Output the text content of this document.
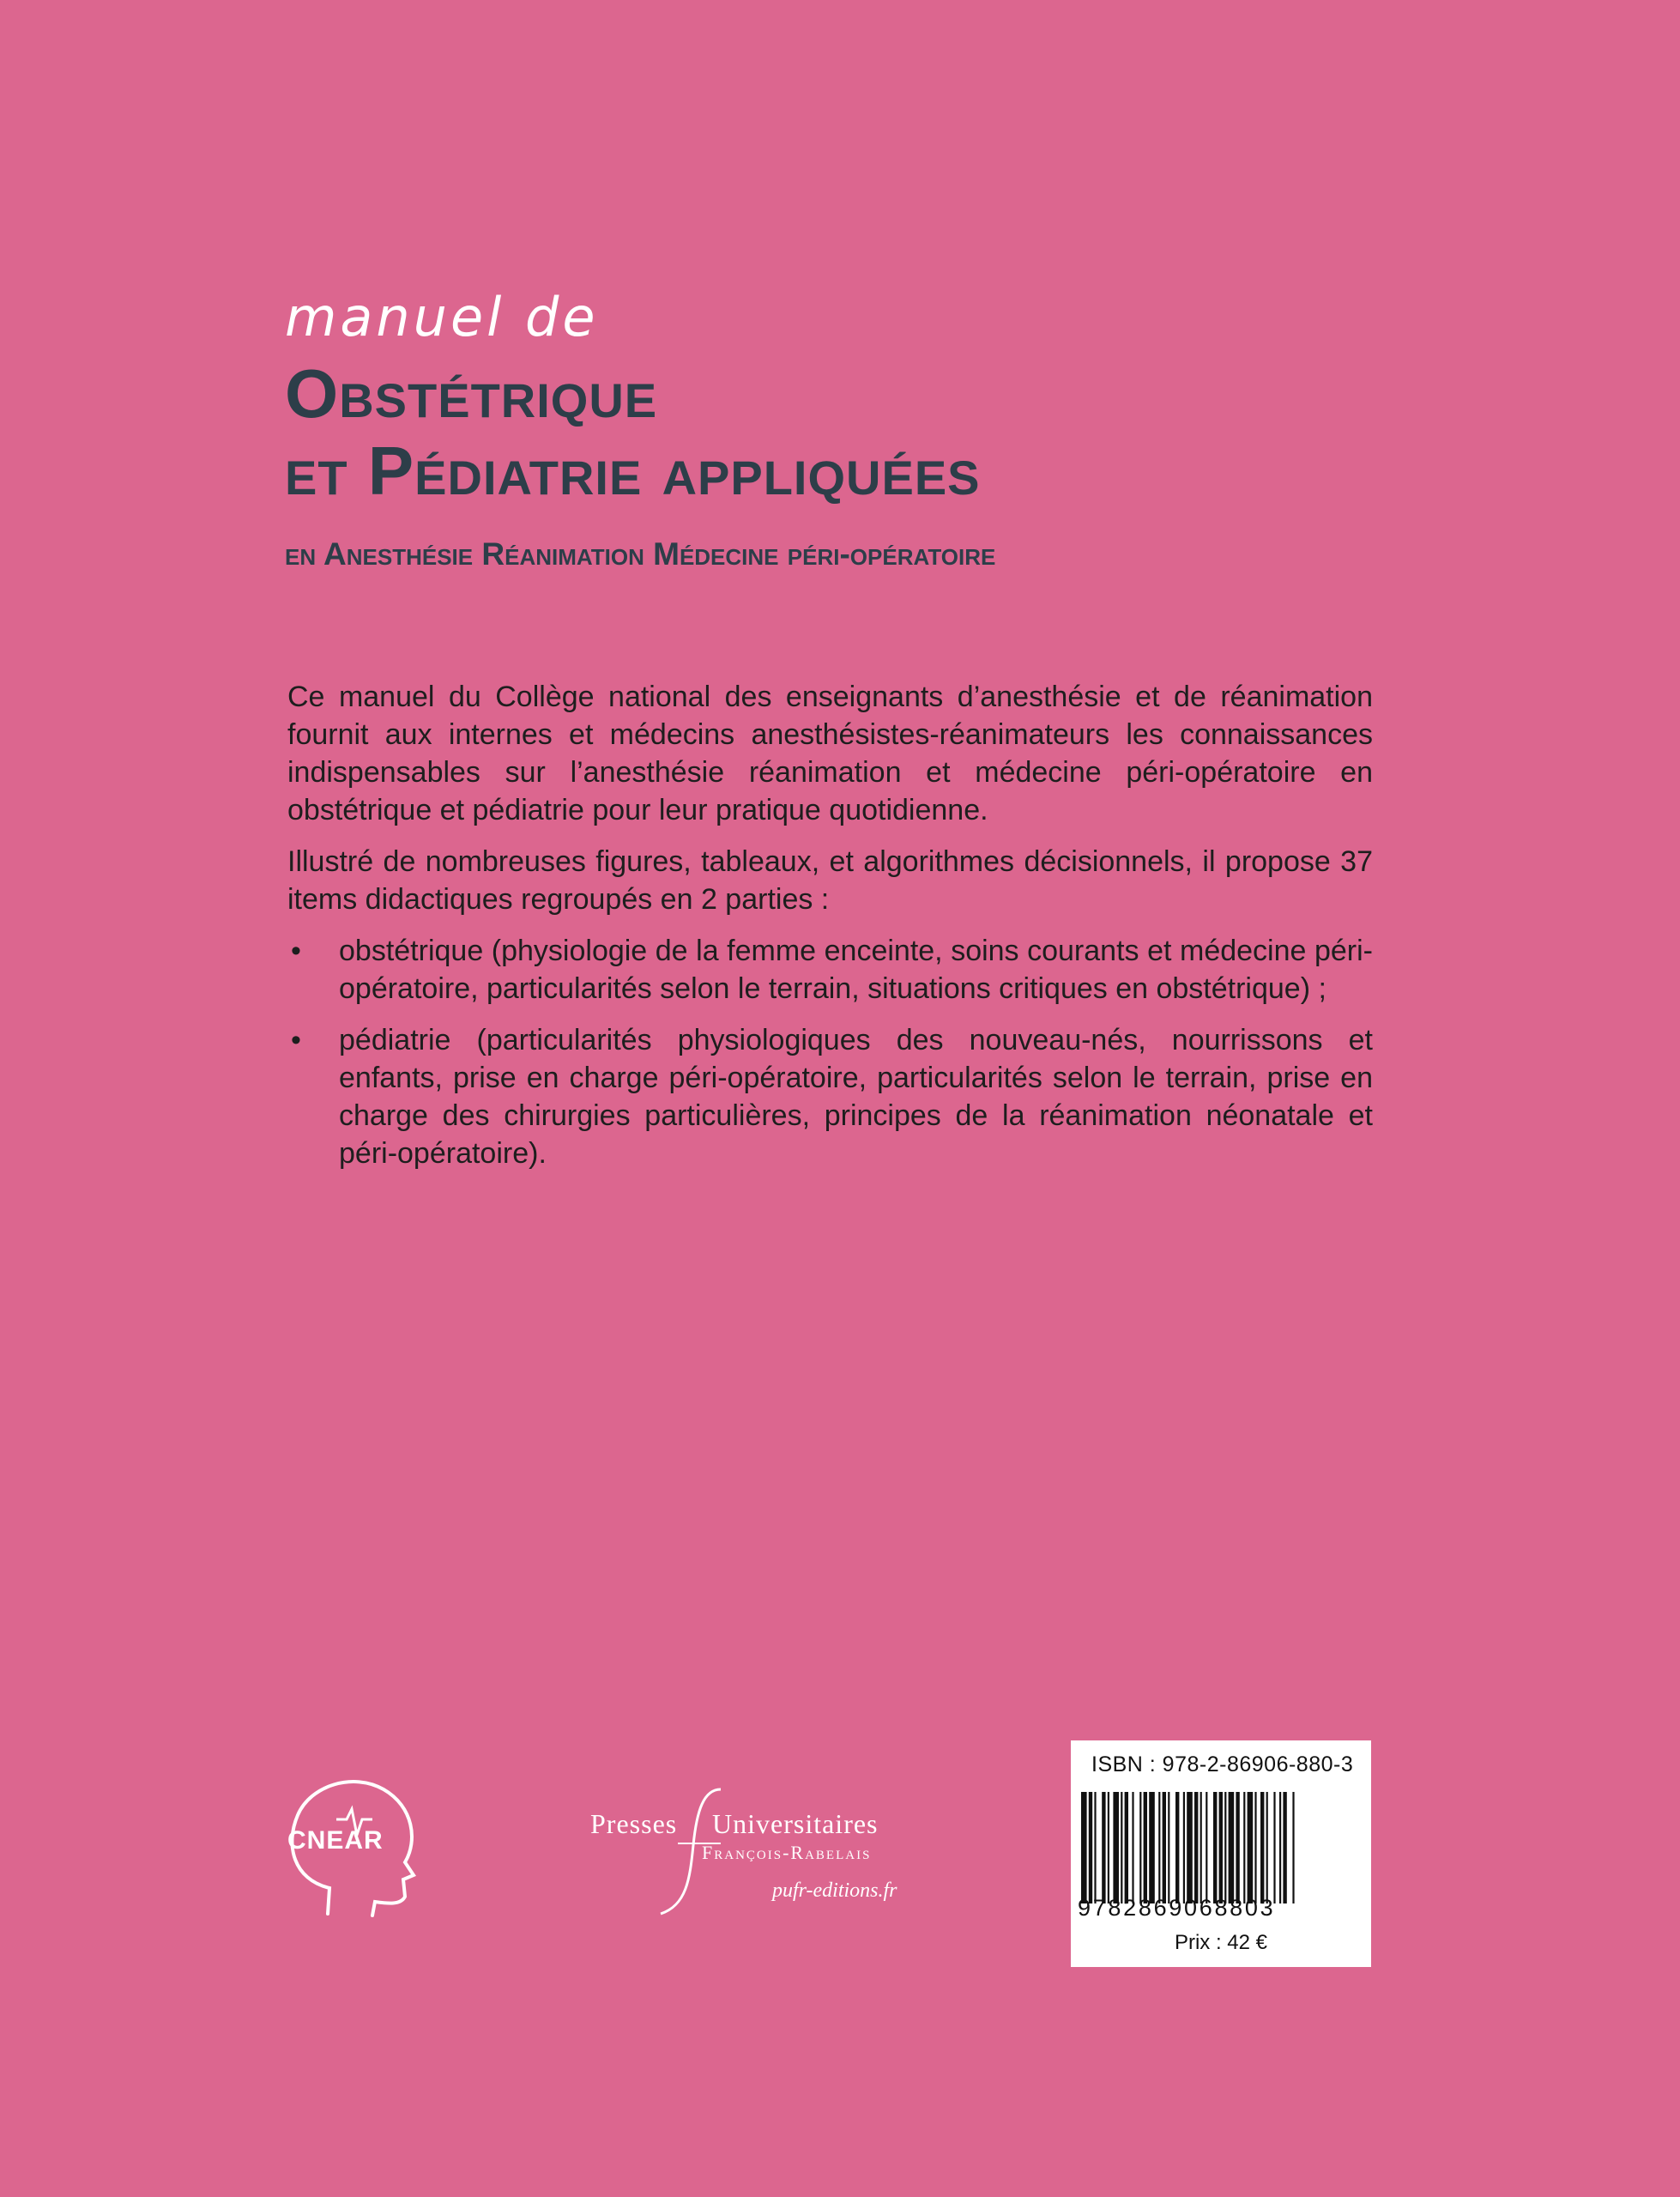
manuel de
Obstétrique
et Pédiatrie appliquées
en Anesthésie Réanimation Médecine péri-opératoire

Ce manuel du Collège national des enseignants d’anesthésie et de réanimation fournit aux internes et médecins anesthésistes-réanimateurs les connaissances indispensables sur l’anesthésie réanimation et médecine péri-opératoire en obstétrique et pédiatrie pour leur pratique quotidienne.

Illustré de nombreuses figures, tableaux, et algorithmes décisionnels, il propose 37 items didactiques regroupés en 2 parties :

• obstétrique (physiologie de la femme enceinte, soins courants et médecine péri-opératoire, particularités selon le terrain, situations critiques en obstétrique) ;
• pédiatrie (particularités physiologiques des nouveau-nés, nourrissons et enfants, prise en charge péri-opératoire, particularités selon le terrain, prise en charge des chirurgies particulières, principes de la réanimation néonatale et péri-opératoire).
CNEAR
Presses Universitaires
François-Rabelais
pufr-editions.fr
ISBN : 978-2-86906-880-3
9782869068803
Prix : 42 €
